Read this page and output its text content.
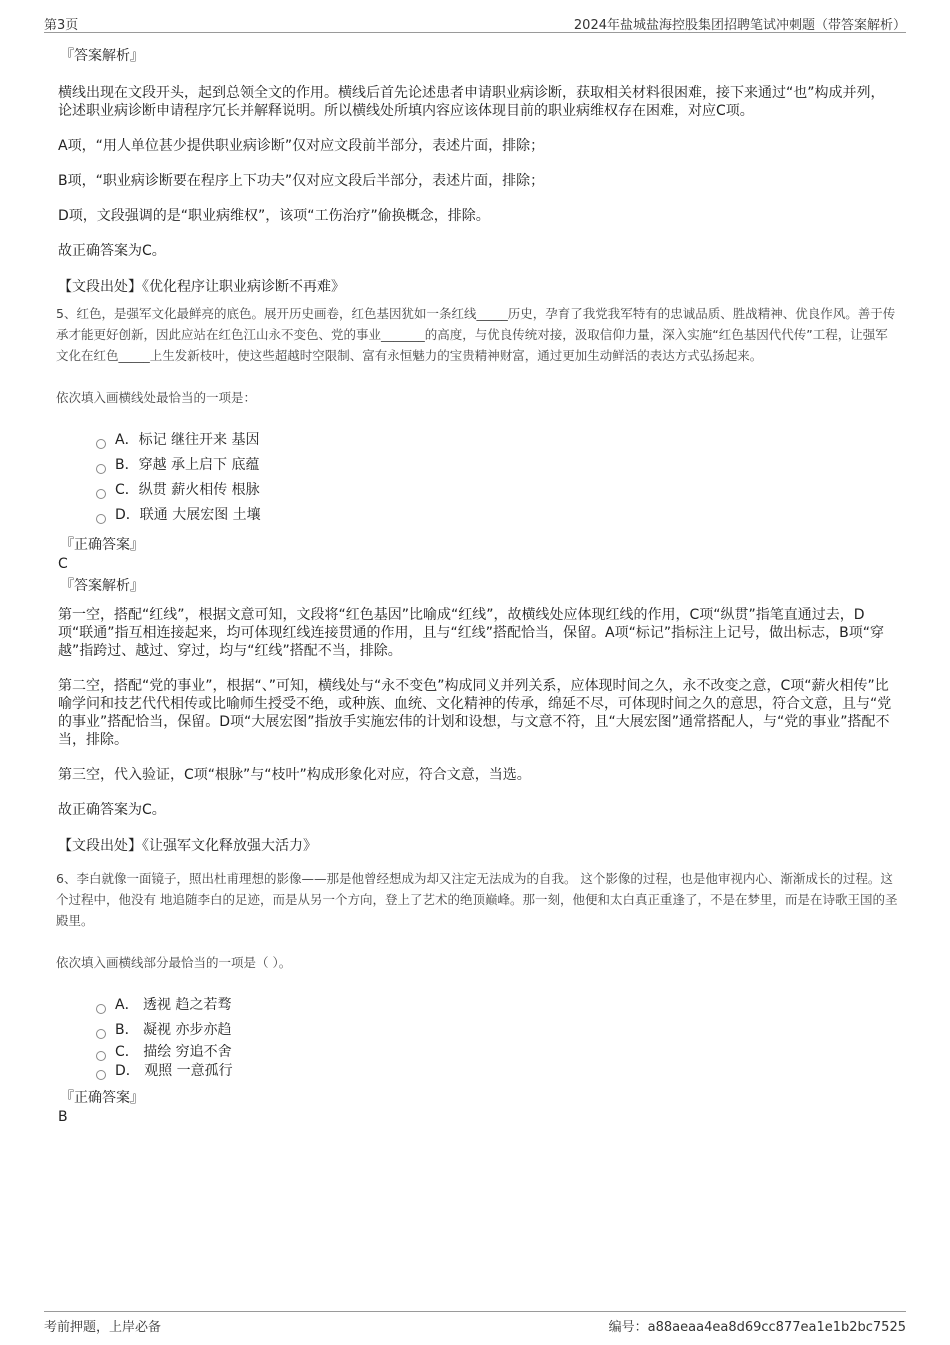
第3页	2024年盐城盐海控股集团招聘笔试冲刺题（带答案解析）
『答案解析』
横线出现在文段开头，起到总领全文的作用。横线后首先论述患者申请职业病诊断，获取相关材料很困难，接下来通过“也”构成并列，论述职业病诊断申请程序冗长并解释说明。所以横线处所填内容应该体现目前的职业病维权存在困难，对应C项。
A项，“用人单位甚少提供职业病诊断”仅对应文段前半部分，表述片面，排除；
B项，“职业病诊断要在程序上下功夫”仅对应文段后半部分，表述片面，排除；
D项，文段强调的是“职业病维权”，该项“工伤治疗”偷换概念，排除。
故正确答案为C。
【文段出处】《优化程序让职业病诊断不再难》
5、红色，是强军文化最鲜亮的底色。展开历史画卷，红色基因犹如一条红线_____历史，孕育了我党我军特有的忠诚品质、胜战精神、优良作风。善于传承才能更好创新，因此应站在红色江山永不变色、党的事业_______的高度，与优良传统对接，汲取信仰力量，深入实施“红色基因代代传”工程，让强军文化在红色_____上生发新枝叶，使这些超越时空限制、富有永恒魅力的宝贵精神财富，通过更加生动鲜活的表达方式弘扬起来。
依次填入画横线处最恰当的一项是：
A．标记 继往开来 基因
B．穿越 承上启下 底蕴
C．纵贯 薪火相传 根脉
D．联通 大展宏图 土壤
『正确答案』
C
『答案解析』
第一空，搭配“红线”，根据文意可知，文段将“红色基因”比喻成“红线”，故横线处应体现红线的作用，C项“纵贯”指笔直通过去，D项“联通”指互相连接起来，均可体现红线连接贯通的作用，且与“红线”搭配恰当，保留。A项“标记”指标注上记号，做出标志，B项“穿越”指跨过、越过、穿过，均与“红线”搭配不当，排除。
第二空，搭配“党的事业”，根据“、”可知，横线处与“永不变色”构成同义并列关系，应体现时间之久，永不改变之意，C项“薪火相传”比喻学问和技艺代代相传或比喻师生授受不绝，或种族、血统、文化精神的传承，绵延不尽，可体现时间之久的意思，符合文意，且与“党的事业”搭配恰当，保留。D项“大展宏图”指放手实施宏伟的计划和设想，与文意不符，且“大展宏图”通常搭配人，与“党的事业”搭配不当，排除。
第三空，代入验证，C项“根脉”与“枝叶”构成形象化对应，符合文意，当选。
故正确答案为C。
【文段出处】《让强军文化释放强大活力》
6、李白就像一面镜子，照出杜甫理想的影像——那是他曾经想成为却又注定无法成为的自我。 这个影像的过程，也是他审视内心、渐渐成长的过程。这个过程中，他没有 地追随李白的足迹，而是从另一个方向，登上了艺术的绝顶巅峰。那一刻，他便和太白真正重逢了，不是在梦里，而是在诗歌王国的圣殿里。
依次填入画横线部分最恰当的一项是（ ）。
A． 透视 趋之若骛
B． 凝视 亦步亦趋
C． 描绘 穷追不舍
D． 观照 一意孤行
『正确答案』
B
考前押题，上岸必备	编号：a88aeaa4ea8d69cc877ea1e1b2bc7525
